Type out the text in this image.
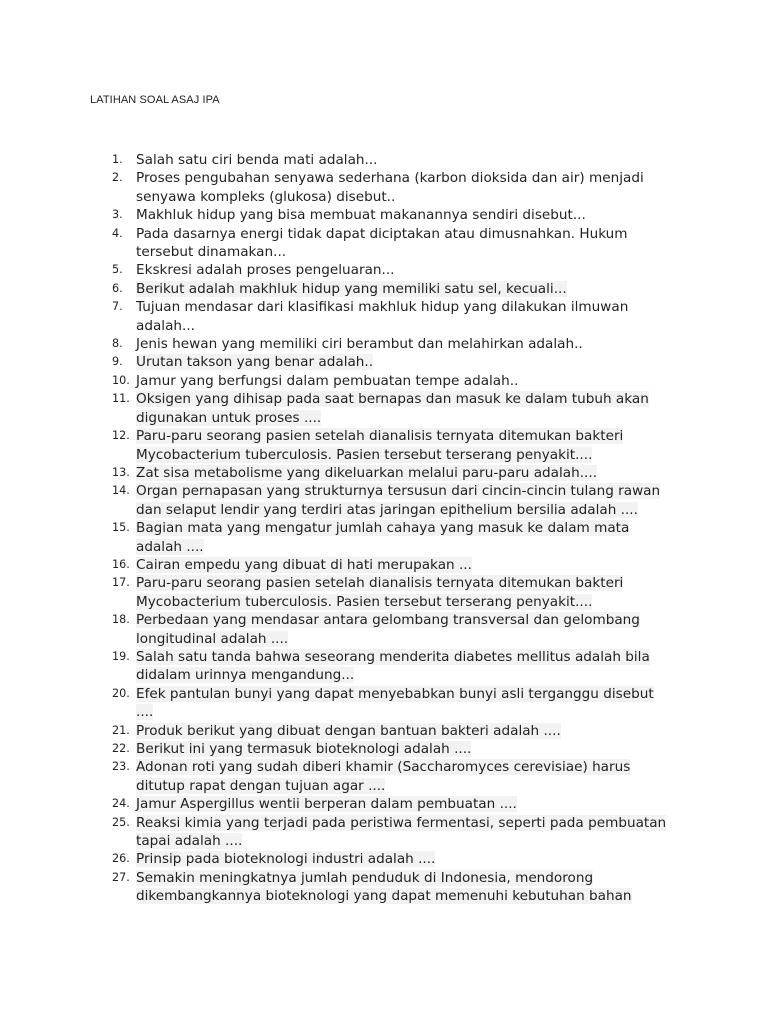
LATIHAN SOAL ASAJ IPA
1. Salah satu ciri benda mati adalah...
2. Proses pengubahan senyawa sederhana (karbon dioksida dan air) menjadi
senyawa kompleks (glukosa) disebut..
3. Makhluk hidup yang bisa membuat makanannya sendiri disebut...
4. Pada dasarnya energi tidak dapat diciptakan atau dimusnahkan. Hukum
tersebut dinamakan...
5. Ekskresi adalah proses pengeluaran...
6. Berikut adalah makhluk hidup yang memiliki satu sel, kecuali...
7. Tujuan mendasar dari klasifikasi makhluk hidup yang dilakukan ilmuwan
adalah...
8. Jenis hewan yang memiliki ciri berambut dan melahirkan adalah..
9. Urutan takson yang benar adalah..
10. Jamur yang berfungsi dalam pembuatan tempe adalah..
11. Oksigen yang dihisap pada saat bernapas dan masuk ke dalam tubuh akan
digunakan untuk proses ....
12. Paru-paru seorang pasien setelah dianalisis ternyata ditemukan bakteri
Mycobacterium tuberculosis. Pasien tersebut terserang penyakit....
13. Zat sisa metabolisme yang dikeluarkan melalui paru-paru adalah....
14. Organ pernapasan yang strukturnya tersusun dari cincin-cincin tulang rawan
dan selaput lendir yang terdiri atas jaringan epithelium bersilia adalah ....
15. Bagian mata yang mengatur jumlah cahaya yang masuk ke dalam mata
adalah ....
16. Cairan empedu yang dibuat di hati merupakan ...
17. Paru-paru seorang pasien setelah dianalisis ternyata ditemukan bakteri
Mycobacterium tuberculosis. Pasien tersebut terserang penyakit....
18. Perbedaan yang mendasar antara gelombang transversal dan gelombang
longitudinal adalah ....
19. Salah satu tanda bahwa seseorang menderita diabetes mellitus adalah bila
didalam urinnya mengandung...
20. Efek pantulan bunyi yang dapat menyebabkan bunyi asli terganggu disebut
....
21. Produk berikut yang dibuat dengan bantuan bakteri adalah ....
22. Berikut ini yang termasuk bioteknologi adalah ....
23. Adonan roti yang sudah diberi khamir (Saccharomyces cerevisiae) harus
ditutup rapat dengan tujuan agar ....
24. Jamur Aspergillus wentii berperan dalam pembuatan ....
25. Reaksi kimia yang terjadi pada peristiwa fermentasi, seperti pada pembuatan
tapai adalah ....
26. Prinsip pada bioteknologi industri adalah ....
27. Semakin meningkatnya jumlah penduduk di Indonesia, mendorong
dikembangkannya bioteknologi yang dapat memenuhi kebutuhan bahan
